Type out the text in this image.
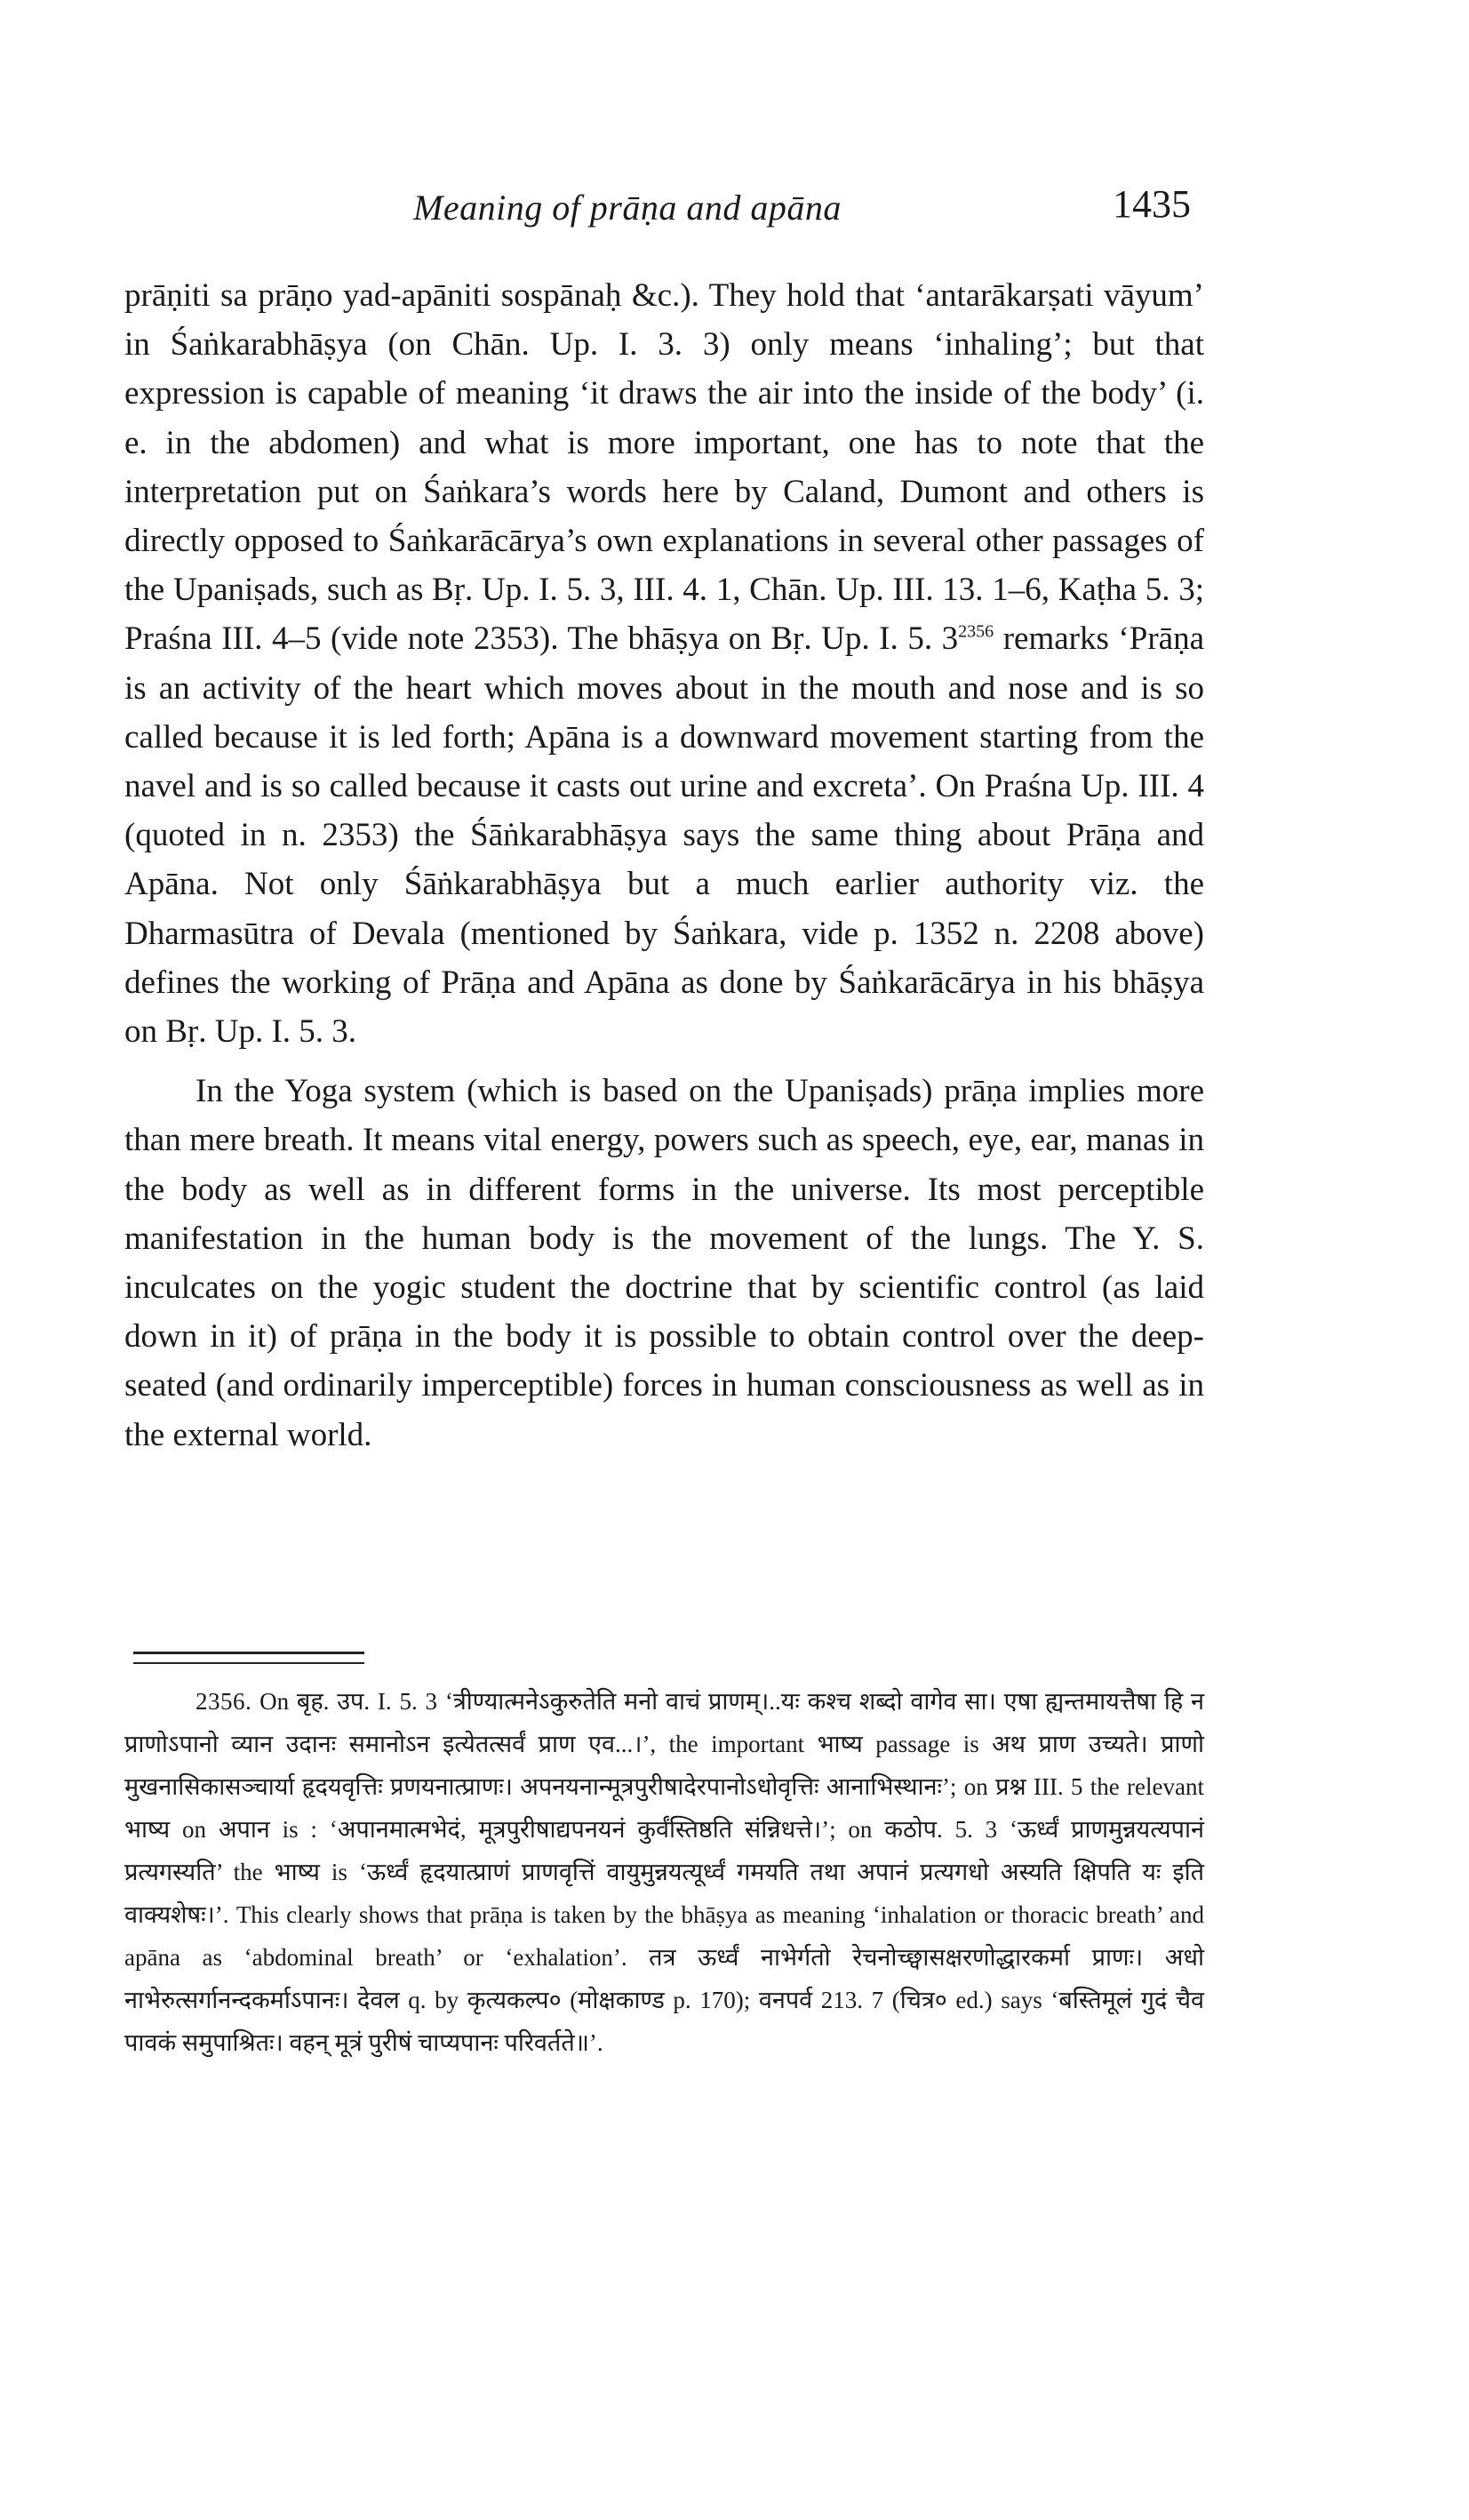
Meaning of prāṇa and apāna	1435

prāṇiti sa prāṇo yad-apāniti sospānaḥ &c.). They hold that ‘antarākarṣati vāyum’ in Śaṅkarabhāṣya (on Chān. Up. I. 3. 3) only means ‘inhaling’; but that expression is capable of meaning ‘it draws the air into the inside of the body’ (i. e. in the abdomen) and what is more important, one has to note that the interpretation put on Śaṅkara’s words here by Caland, Dumont and others is directly opposed to Śaṅkarācārya’s own explanations in several other passages of the Upaniṣads, such as Bṛ. Up. I. 5. 3, III. 4. 1, Chān. Up. III. 13. 1–6, Kaṭha 5. 3; Praśna III. 4–5 (vide note 2353). The bhāṣya on Bṛ. Up. I. 5. $3^{2356}$ remarks ‘Prāṇa is an activity of the heart which moves about in the mouth and nose and is so called because it is led forth; Apāna is a downward movement starting from the navel and is so called because it casts out urine and excreta’. On Praśna Up. III. 4 (quoted in n. 2353) the Śāṅkarabhāṣya says the same thing about Prāṇa and Apāna. Not only Śāṅkarabhāṣya but a much earlier authority viz. the Dharmasūtra of Devala (mentioned by Śaṅkara, vide p. 1352 n. 2208 above) defines the working of Prāṇa and Apāna as done by Śaṅkarācārya in his bhāṣya on Bṛ. Up. I. 5. 3.

In the Yoga system (which is based on the Upaniṣads) prāṇa implies more than mere breath. It means vital energy, powers such as speech, eye, ear, manas in the body as well as in different forms in the universe. Its most perceptible manifestation in the human body is the movement of the lungs. The Y. S. inculcates on the yogic student the doctrine that by scientific control (as laid down in it) of prāṇa in the body it is possible to obtain control over the deep-seated (and ordinarily imperceptible) forces in human consciousness as well as in the external world.

2356. On बृह. उप. I. 5. 3 ‘त्रीण्यात्मनेऽकुरुतेति मनो वाचं प्राणम्।..यः कश्च शब्दो वागेव सा। एषा ह्यन्तमायत्तैषा हि न प्राणोऽपानो व्यान उदानः समानोऽन इत्येतत्सर्वं प्राण एव...।’, the important भाष्य passage is अथ प्राण उच्यते। प्राणो मुखनासिकासञ्चार्या हृदयवृत्तिः प्रणयनात्प्राणः। अपनयनान्मूत्रपुरीषादेरपानोऽधोवृत्तिः आनाभिस्थानः’; on प्रश्न III. 5 the relevant भाष्य on अपान is : ‘अपानमात्मभेदं, मूत्रपुरीषाद्यपनयनं कुर्वंस्तिष्ठति संन्निधत्ते।’; on कठोप. 5. 3 ‘ऊर्ध्वं प्राणमुन्नयत्यपानं प्रत्यगस्यति’ the भाष्य is ‘ऊर्ध्वं हृदयात्प्राणं प्राणवृत्तिं वायुमुन्नयत्यूर्ध्वं गमयति तथा अपानं प्रत्यगधो अस्यति क्षिपति यः इति वाक्यशेषः।’. This clearly shows that prāṇa is taken by the bhāṣya as meaning ‘inhalation or thoracic breath’ and apāna as ‘abdominal breath’ or ‘exhalation’. तत्र ऊर्ध्वं नाभेर्गतो रेचनोच्छ्वासक्षरणोद्धारकर्मा प्राणः। अधो नाभेरुत्सर्गानन्दकर्माऽपानः। देवल q. by कृत्यकल्प० (मोक्षकाण्ड p. 170); वनपर्व 213. 7 (चित्र० ed.) says ‘बस्तिमूलं गुदं चैव पावकं समुपाश्रितः। वहन् मूत्रं पुरीषं चाप्यपानः परिवर्तते॥’.
